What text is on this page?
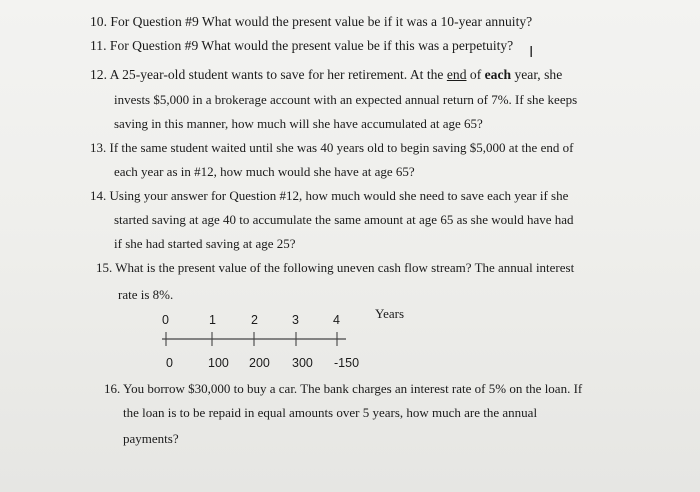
10. For Question #9 What would the present value be if it was a 10-year annuity?
11. For Question #9 What would the present value be if this was a perpetuity? I
12. A 25-year-old student wants to save for her retirement. At the end of each year, she
invests $5,000 in a brokerage account with an expected annual return of 7%. If she keeps
saving in this manner, how much will she have accumulated at age 65?
13. If the same student waited until she was 40 years old to begin saving $5,000 at the end of
each year as in #12, how much would she have at age 65?
14. Using your answer for Question #12, how much would she need to save each year if she
started saving at age 40 to accumulate the same amount at age 65 as she would have had
if she had started saving at age 25?
15. What is the present value of the following uneven cash flow stream? The annual interest
rate is 8%.
0	1	2	3	4	Years
0	100 200 300 -150
16. You borrow $30,000 to buy a car. The bank charges an interest rate of 5% on the loan. If
the loan is to be repaid in equal amounts over 5 years, how much are the annual
payments?
